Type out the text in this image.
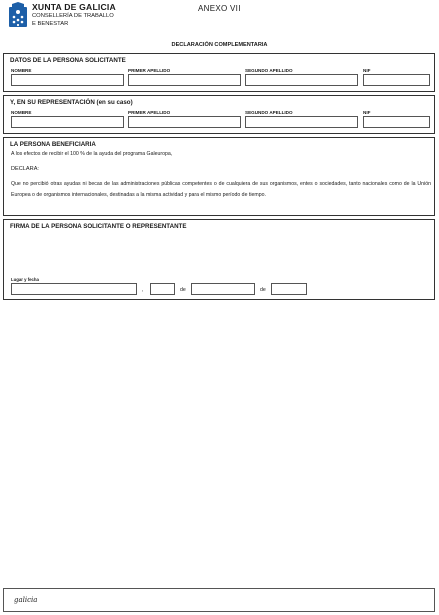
XUNTA DE GALICIA
CONSELLERÍA DE TRABALLO
E BENESTAR
ANEXO VII
DECLARACIÓN COMPLEMENTARIA
DATOS DE LA PERSONA SOLICITANTE
NOMBRE	PRIMER APELLIDO	SEGUNDO APELLIDO	NIF
Y, EN SU REPRESENTACIÓN (en su caso)
NOMBRE	PRIMER APELLIDO	SEGUNDO APELLIDO	NIF
LA PERSONA BENEFICIARIA
A los efectos de recibir el 100 % de la ayuda del programa Galeuropa,
DECLARA:
Que no percibió otras ayudas ni becas de las administraciones públicas competentes o de cualquiera de sus organismos, entes o sociedades, tanto nacionales como de la Unión Europea o de organismos internacionales, destinadas a la misma actividad y para el mismo período de tiempo.
FIRMA DE LA PERSONA SOLICITANTE O REPRESENTANTE
Lugar y fecha
,	de	de
galicia
